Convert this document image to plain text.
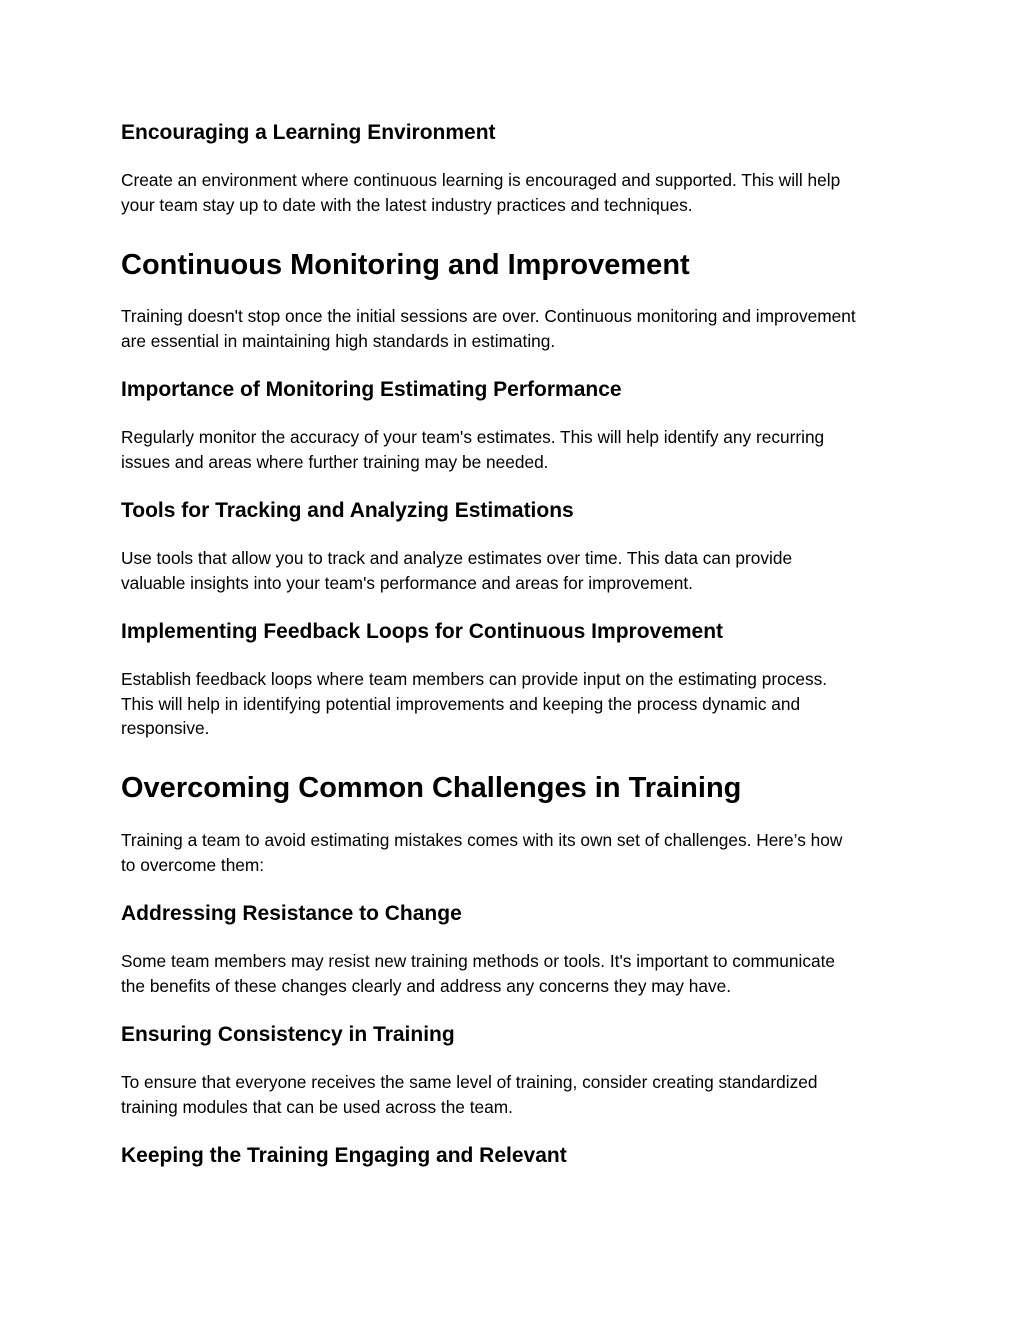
Encouraging a Learning Environment
Create an environment where continuous learning is encouraged and supported. This will help
your team stay up to date with the latest industry practices and techniques.
Continuous Monitoring and Improvement
Training doesn't stop once the initial sessions are over. Continuous monitoring and improvement
are essential in maintaining high standards in estimating.
Importance of Monitoring Estimating Performance
Regularly monitor the accuracy of your team's estimates. This will help identify any recurring
issues and areas where further training may be needed.
Tools for Tracking and Analyzing Estimations
Use tools that allow you to track and analyze estimates over time. This data can provide
valuable insights into your team's performance and areas for improvement.
Implementing Feedback Loops for Continuous Improvement
Establish feedback loops where team members can provide input on the estimating process.
This will help in identifying potential improvements and keeping the process dynamic and
responsive.
Overcoming Common Challenges in Training
Training a team to avoid estimating mistakes comes with its own set of challenges. Here’s how
to overcome them:
Addressing Resistance to Change
Some team members may resist new training methods or tools. It's important to communicate
the benefits of these changes clearly and address any concerns they may have.
Ensuring Consistency in Training
To ensure that everyone receives the same level of training, consider creating standardized
training modules that can be used across the team.
Keeping the Training Engaging and Relevant
